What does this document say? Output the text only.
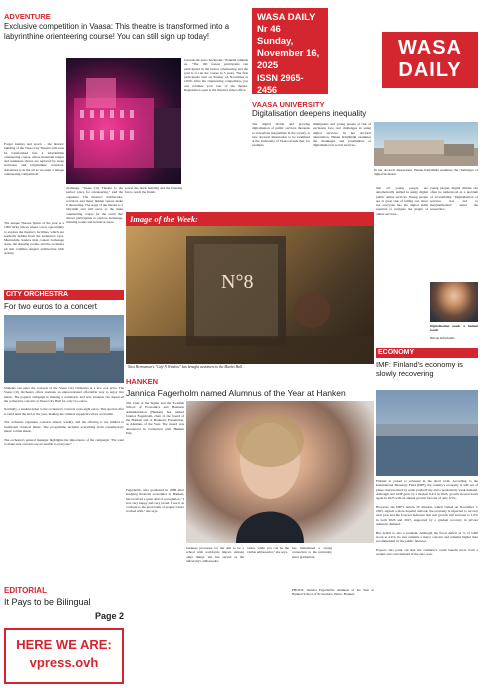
ADVENTURE
Exclusive competition in Vaasa: This theatre is transformed into a labyrinthine orienteering course! You can still sign up today!
Forget tourists and sports – the historic building of the Vaasa City Theatre will soon be transformed into a labyrinthine orienteering course, where mountain ranges and sandstone shores are replaced by steep staircases and labyrinthine corridors. Adventure is in the air as we enter a unique orienteering competition!
The unique Theatre Sprint of the year is a 1000 lucky places where a new opportunity to explore the theatre's facilities, which are normally hidden from the audience's eyes. Meanwhile, leaders hide contest backstage areas, the dressing rooms, and the orchestra pit that combine elegant architecture with artistry.
challenge. "Vaasa City Theatre is the perfect place for orienteering," said the organizer. The theatre's architecture, corridors and many hidden spaces make it interesting. The stage of the theatre is a labyrinth and will serve as the main orienteering course for the event that allows participants to explore backstage, dressing rooms and technical areas.
power the brick building and the buzzing fun to reach the finish.
towards the next checkpoint," Pennälä reminds us. "The 100 fastest participants run participated in the indoor orienteering and the goal is to run the course in 5 years. The first participants start on Sunday 16 November at 10:00. After the orienteering competition, you can continue your tour of the theatre. Registration open at the theatre's ticket office.
WASA DAILY
Nr 46
Sunday,
November 16,
2025
ISSN 2965-2456
WASA
DAILY
VAASA UNIVERSITY
Digitalisation deepens inequality
The digital divide and growing digitalisation of public services threatens to exacerbate inequalities in the society. A new doctoral dissertation to be examined at the University of Vaasa reveals that, for example,
immigrants and young people at risk of exclusion face real challenges in using digital services. In her doctoral dissertation, Hanna Kärjämäki examines the challenges and possibilities of digitalisation in social services.
In her doctoral dissertation, Hanna Kärjämäki examines the challenges of digital inclusion.
that all young people are automatically skilled in using digital public online services, Young people are at great risk of falling out, since not everyone has the digital skills required to navigate the jungle of online services...
young people, digital divides can often be understood as a problem of accessibility. "Digitalisation of services has led to marginalisation" states the researcher...
Digitalisation needs a human touch
Hanna Kärjämäki
Image of the Week:
N°8
Naxi Hermansen's "Café N Window" has brought customers to the Market Hall.
CITY ORCHESTRA
For two euros to a concert
Students can enter the concerts of the Vaasa City Orchestra at a low cost price. The Vaasa City Orchestra offers students an unprecedented affordable way to enjoy live music. The popular campaign is making a comeback, and now students can attend all the orchestra's concerts at Vaasa City Hall for only two euros.

Normally, a student ticket to the orchestra's concerts costs eight euros. This special offer is valid until the end of the year, making the cultural experience more accessible.

The orchestra organizes concerts almost weekly, and the offering is not limited to traditional classical music. The programme includes everything from contemporary music to film music.

The orchestra's general manager highlights the importance of the campaign: "We want to make sure concerts are accessible to everyone."
ECONOMY
IMF: Finland's economy is slowly recovering
Finland is poised to rebound in the short term. According to the International Monetary Fund (IMF), the country's economy is still out of phase characterized by weak productivity and a persistently weak demand. Although real GDP grew by a modest 0.4% in 2024, growth slowed down again in 2025 with an annual growth forecast of only 0.5%.

However, the IMF's Article IV mission, which visited on November 7, 2025, signals a more hopeful outlook: the economy is expected to recover next year and the forecast indicates that real growth will increase to 1.0% in both 2026 and 2027, supported by a gradual recovery in private domestic demand.

But deficit is also a problem. Although the fiscal deficit as % of GDP stood at 4.4%, its size remains a major concern and remains higher than recommended by the public finances.

Exports also point out that the commerce could benefit more from a weaker euro and demand in the euro area.
HANKEN
Jannica Fagerholm named Alumnus of the Year at Hanken
The Club of the Sigma and the Swedish School of Economics and Business Administration (Hanken) has named Jannica Fagerholm, chair of the board of the Hanken and of Hanken's Foundation, as Alumnus of the Year. The award was announced in connection with Hanken Day.
Fagerholm, who graduated in 1986 after studying financial economics at Hanken, has received a great deal of recognition. "I was very happy and very proud. I see it as a tribute to the great team of people I have worked with," she says.
business processes for the aim to be a school with worldwide impact. Among other things, she has served as the university's ambassador.
ration, while you can be the visible ambassador," she says.
has maintained a strong connection to the university since graduation.
PHOTO: Jannica Fagerholm, Alumnus of the Year at Hanken School of Economics. Photo: Hanken
EDITORIAL
It Pays to be Bilingual
Page 2
HERE WE ARE:
vpress.ovh
